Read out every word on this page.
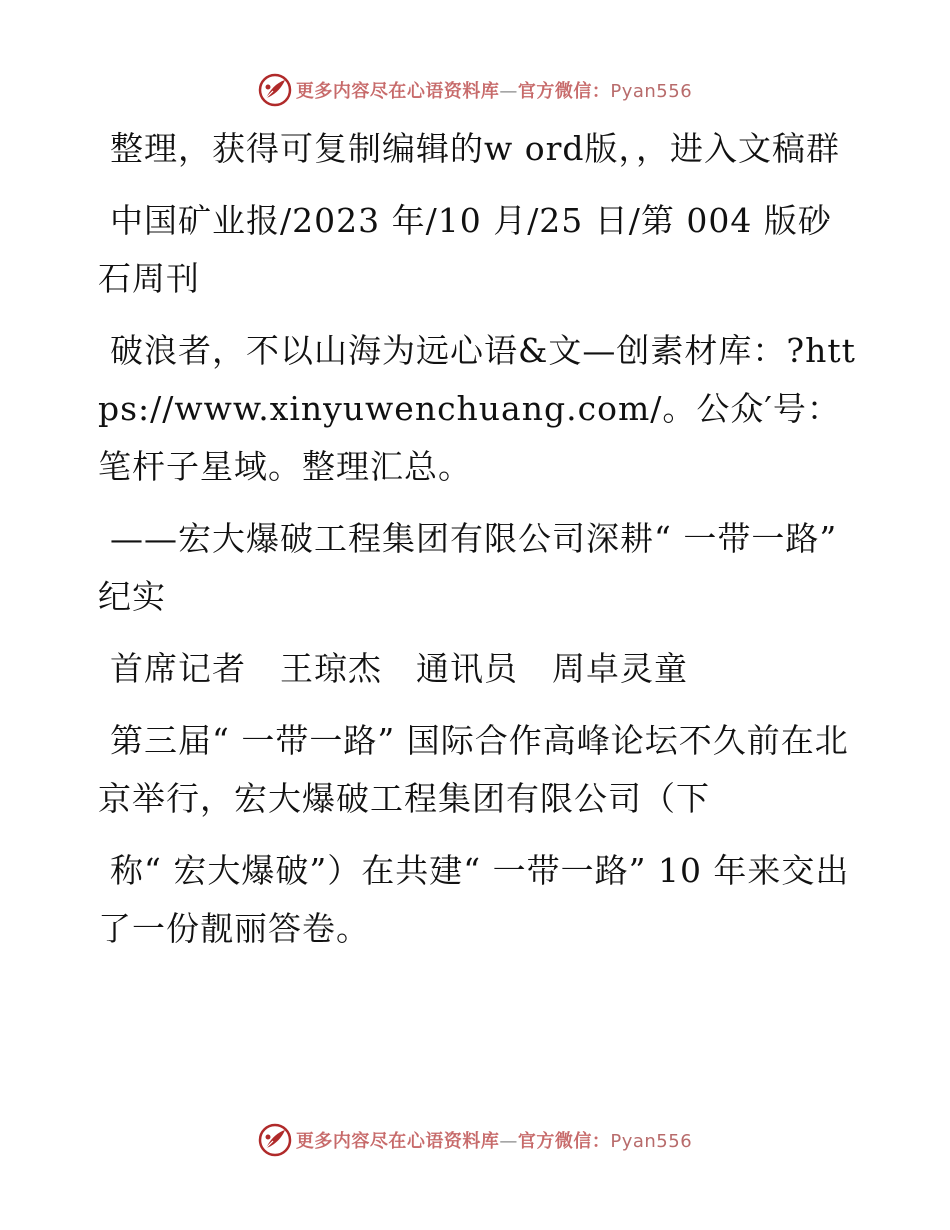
更多内容尽在心语资料库—官方微信：Pyan556

整理，获得可复制编辑的w ord版，，进入文稿群

中国矿业报/2023 年/10 月/25 日/第 004 版砂石周刊

破浪者，不以山海为远心语&文—创素材库：?https://www.xinyuwenchuang.com/。公众′号：笔杆子星域。整理汇总。

——宏大爆破工程集团有限公司深耕“ 一带一路” 纪实

首席记者　王琼杰　通讯员　周卓灵童

第三届“ 一带一路” 国际合作高峰论坛不久前在北京举行，宏大爆破工程集团有限公司（下

称“ 宏大爆破”）在共建“ 一带一路” 10 年来交出了一份靓丽答卷。

更多内容尽在心语资料库—官方微信：Pyan556
